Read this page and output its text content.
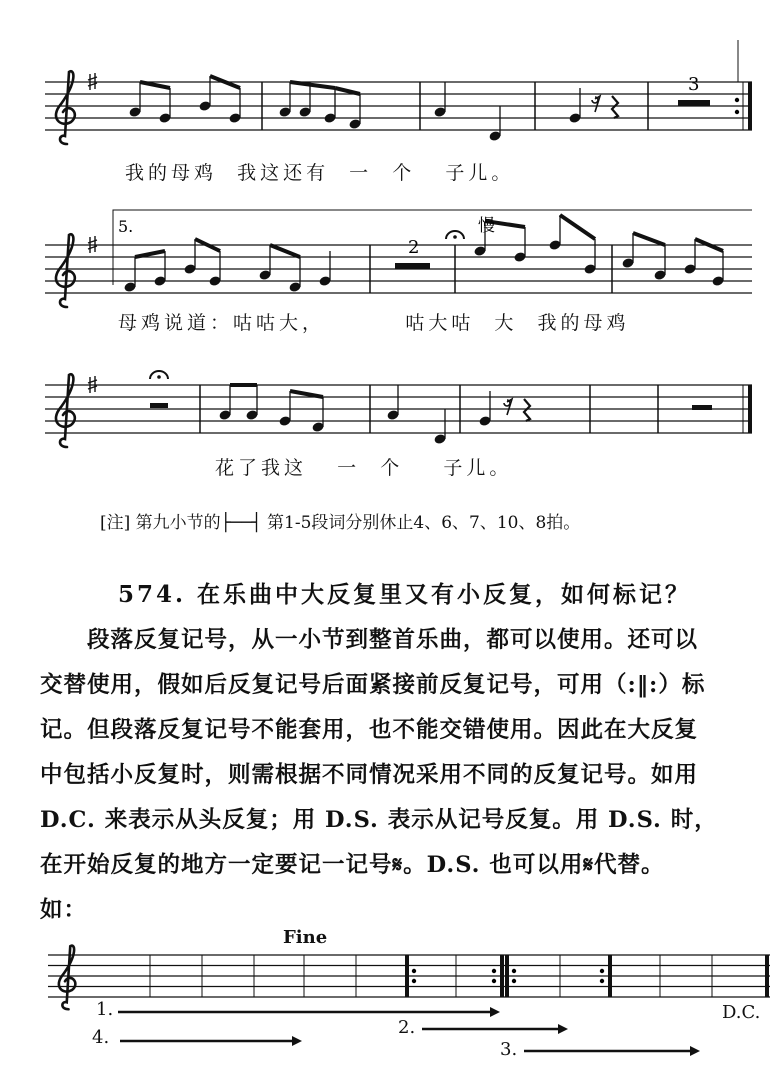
3
我的母鸡  我这还有  一  个   子儿。
5.
2
慢
母鸡说道：咕咕大，        咕大咕  大  我的母鸡
花了我这   一  个    子儿。
[注] 第九小节的├──┤ 第1-5段词分别休止4、6、7、10、8拍。
574. 在乐曲中大反复里又有小反复，如何标记？
　　段落反复记号，从一小节到整首乐曲，都可以使用。还可以
交替使用，假如后反复记号后面紧接前反复记号，可用（:‖:）标
记。但段落反复记号不能套用，也不能交错使用。因此在大反复
中包括小反复时，则需根据不同情况采用不同的反复记号。如用
D.C. 来表示从头反复；用 D.S. 表示从记号反复。用 D.S. 时，
在开始反复的地方一定要记一记号𝄋。D.S. 也可以用𝄋代替。
如：
Fine
D.C.
1.
2.
3.
4.
